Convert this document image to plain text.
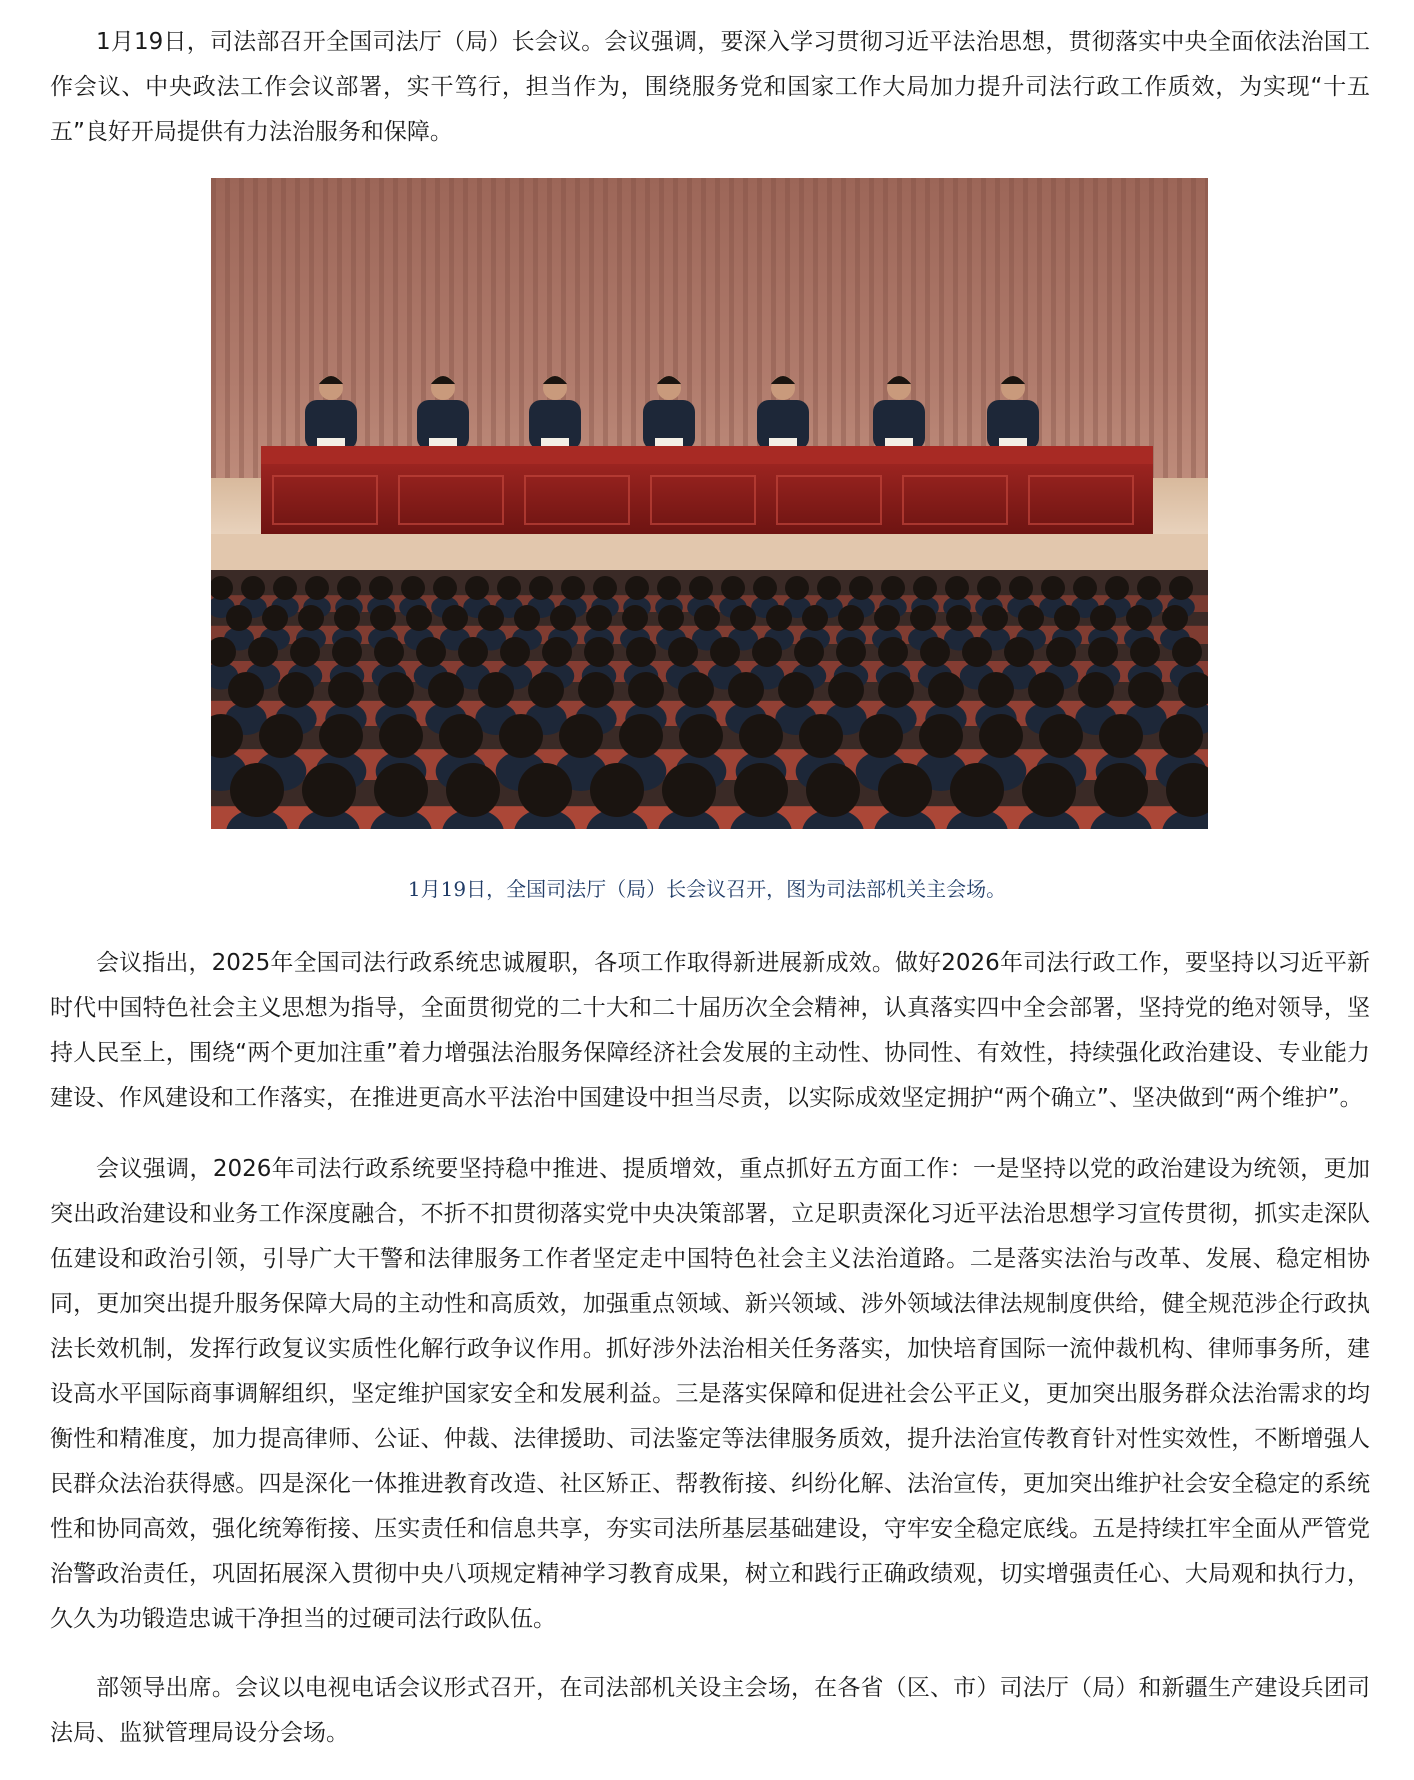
1月19日，司法部召开全国司法厅（局）长会议。会议强调，要深入学习贯彻习近平法治思想，贯彻落实中央全面依法治国工作会议、中央政法工作会议部署，实干笃行，担当作为，围绕服务党和国家工作大局加力提升司法行政工作质效，为实现“十五五”良好开局提供有力法治服务和保障。

1月19日，全国司法厅（局）长会议召开，图为司法部机关主会场。

会议指出，2025年全国司法行政系统忠诚履职，各项工作取得新进展新成效。做好2026年司法行政工作，要坚持以习近平新时代中国特色社会主义思想为指导，全面贯彻党的二十大和二十届历次全会精神，认真落实四中全会部署，坚持党的绝对领导，坚持人民至上，围绕“两个更加注重”着力增强法治服务保障经济社会发展的主动性、协同性、有效性，持续强化政治建设、专业能力建设、作风建设和工作落实，在推进更高水平法治中国建设中担当尽责，以实际成效坚定拥护“两个确立”、坚决做到“两个维护”。

会议强调，2026年司法行政系统要坚持稳中推进、提质增效，重点抓好五方面工作：一是坚持以党的政治建设为统领，更加突出政治建设和业务工作深度融合，不折不扣贯彻落实党中央决策部署，立足职责深化习近平法治思想学习宣传贯彻，抓实走深队伍建设和政治引领，引导广大干警和法律服务工作者坚定走中国特色社会主义法治道路。二是落实法治与改革、发展、稳定相协同，更加突出提升服务保障大局的主动性和高质效，加强重点领域、新兴领域、涉外领域法律法规制度供给，健全规范涉企行政执法长效机制，发挥行政复议实质性化解行政争议作用。抓好涉外法治相关任务落实，加快培育国际一流仲裁机构、律师事务所，建设高水平国际商事调解组织，坚定维护国家安全和发展利益。三是落实保障和促进社会公平正义，更加突出服务群众法治需求的均衡性和精准度，加力提高律师、公证、仲裁、法律援助、司法鉴定等法律服务质效，提升法治宣传教育针对性实效性，不断增强人民群众法治获得感。四是深化一体推进教育改造、社区矫正、帮教衔接、纠纷化解、法治宣传，更加突出维护社会安全稳定的系统性和协同高效，强化统筹衔接、压实责任和信息共享，夯实司法所基层基础建设，守牢安全稳定底线。五是持续扛牢全面从严管党治警政治责任，巩固拓展深入贯彻中央八项规定精神学习教育成果，树立和践行正确政绩观，切实增强责任心、大局观和执行力，久久为功锻造忠诚干净担当的过硬司法行政队伍。

部领导出席。会议以电视电话会议形式召开，在司法部机关设主会场，在各省（区、市）司法厅（局）和新疆生产建设兵团司法局、监狱管理局设分会场。
